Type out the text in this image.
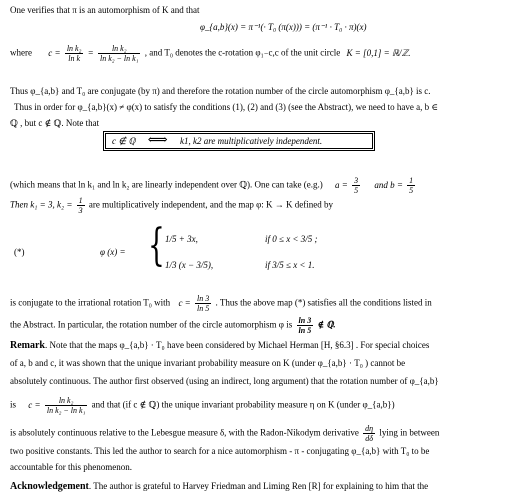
One verifies that π is an automorphism of K and that
φ_{a,b}(x) = π⁻¹(· T₀ (π(x))) = (π⁻¹ · T₀ · π)(x)
where $c = \frac{\text{ln k₂}}{\text{ln k}} = \frac{\text{ln k₂}}{\text{ln k₂ − ln k₁}}$ , and T₀ denotes the c-rotation φ₁₋c,c of the unit circle K = [0,1] = ℝ/ℤ.
Thus φ_{a,b} and T₀ are conjugate (by π) and therefore the rotation number of the circle automorphism φ_{a,b} is c.
Thus in order for φ_{a,b}(x) ≠ φ(x) to satisfy the conditions (1), (2) and (3) (see the Abstract), we need to have a, b ∈
ℚ , but c ∉ ℚ. Note that
c ∉ ℚ ⟺ k1, k2 are multiplicatively independent.
(which means that ln k₁ and ln k₂ are linearly independent over ℚ). One can take (e.g.) $a = \frac{3}{5}$ and $b = \frac{1}{5}$
Then k₁ = 3, $k_2 = \frac{1}{3}$ are multiplicatively independent, and the map φ: K → K defined by
(*)	φ (x) = { 1/5 + 3x,	if 0 ≤ x < 3/5 ;
1/3 (x − 3/5),	if 3/5 ≤ x < 1.
is conjugate to the irrational rotation T₀ with $c = \frac{\ln 3}{\ln 5}$ . Thus the above map (*) satisfies all the conditions listed in
the Abstract. In particular, the rotation number of the circle automorphism φ is $\frac{\ln 3}{\ln 5}$ ∉ ℚ.
Remark. Note that the maps φ_{a,b} · T₀ have been considered by Michael Herman [H, §6.3] . For special choices
of a, b and c, it was shown that the unique invariant probability measure on K (under φ_{a,b} · T₀ ) cannot be
absolutely continuous. The author first observed (using an indirect, long argument) that the rotation number of φ_{a,b}
is $c = \frac{\text{ln k₂}}{\text{ln k₂ − ln k₁}}$ and that (if c ∉ ℚ) the unique invariant probability measure η on K (under φ_{a,b})
is absolutely continuous relative to the Lebesgue measure δ, with the Radon-Nikodym derivative $\frac{d\eta}{d\delta}$ lying in between
two positive constants. This led the author to search for a nice automorphism - π - conjugating φ_{a,b} with T₀ to be
accountable for this phenomenon.
Acknowledgement. The author is grateful to Harvey Friedman and Liming Ren [R] for explaining to him that the
